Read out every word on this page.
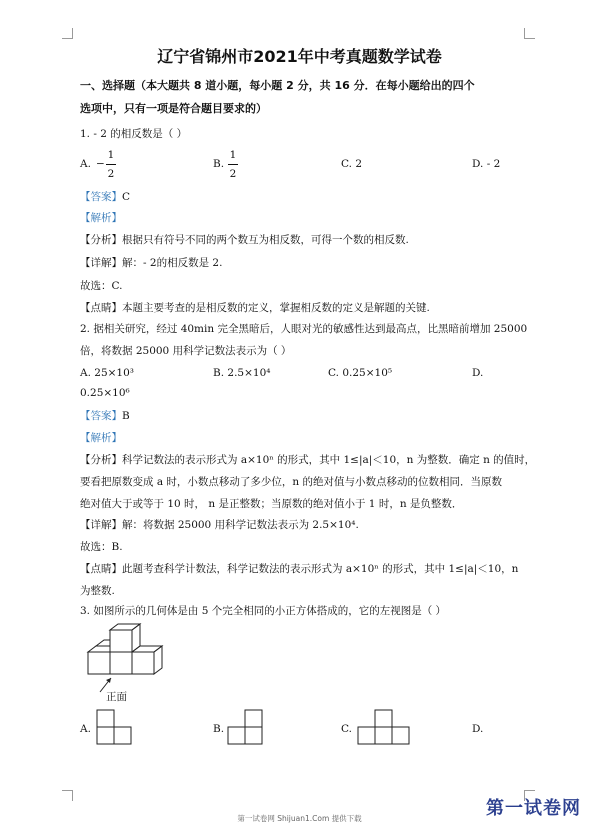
辽宁省锦州市2021年中考真题数学试卷
一、选择题（本大题共 8 道小题，每小题 2 分，共 16 分．在每小题给出的四个
选项中，只有一项是符合题目要求的）
1. - 2 的相反数是（ ）
A. −
1
2
B.
1
2
C. 2	D. - 2
【答案】C
【解析】
【分析】根据只有符号不同的两个数互为相反数，可得一个数的相反数.
【详解】解：- 2的相反数是 2.
故选：C.
【点睛】本题主要考查的是相反数的定义，掌握相反数的定义是解题的关键.
2. 据相关研究，经过 40min 完全黑暗后，人眼对光的敏感性达到最高点，比黑暗前增加 25000
倍，将数据 25000 用科学记数法表示为（ ）
A. 25×10³	B. 2.5×10⁴	C. 0.25×10⁵	D.
0.25×10⁶
【答案】B
【解析】
【分析】科学记数法的表示形式为 a×10ⁿ 的形式，其中 1≤|a|＜10，n 为整数．确定 n 的值时，
要看把原数变成 a 时，小数点移动了多少位，n 的绝对值与小数点移动的位数相同．当原数
绝对值大于或等于 10 时， n 是正整数；当原数的绝对值小于 1 时，n 是负整数．
【详解】解：将数据 25000 用科学记数法表示为 2.5×10⁴.
故选：B.
【点睛】此题考查科学计数法，科学记数法的表示形式为 a×10ⁿ 的形式，其中 1≤|a|＜10，n
为整数.
3. 如图所示的几何体是由 5 个完全相同的小正方体搭成的，它的左视图是（ ）
正面
A.	B.	C.	D.
第一试卷网 Shijuan1.Com 提供下载	第一试卷网
